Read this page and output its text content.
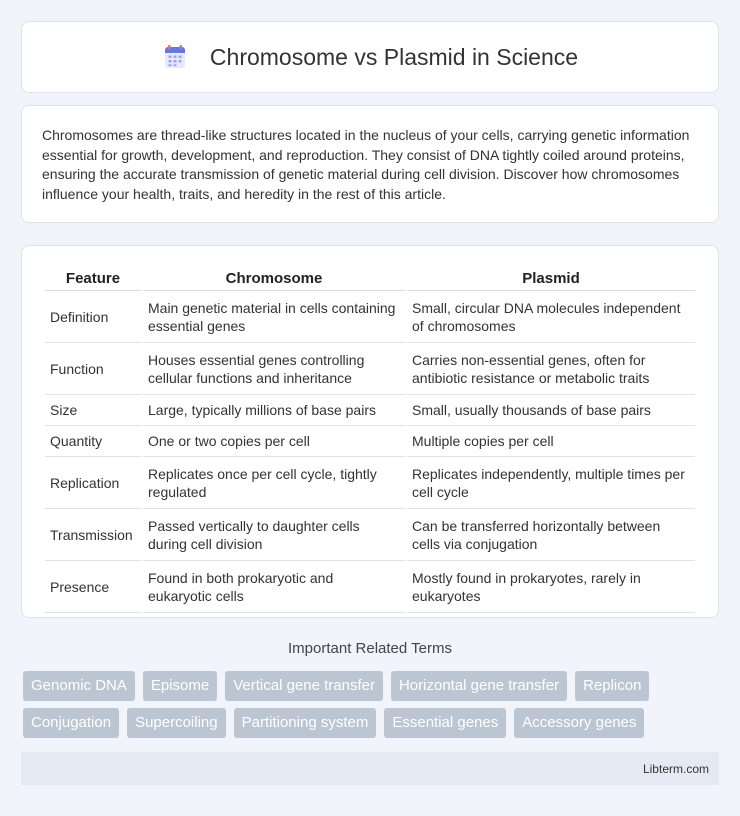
Chromosome vs Plasmid in Science

Chromosomes are thread-like structures located in the nucleus of your cells, carrying genetic information essential for growth, development, and reproduction. They consist of DNA tightly coiled around proteins, ensuring the accurate transmission of genetic material during cell division. Discover how chromosomes influence your health, traits, and heredity in the rest of this article.

Feature	Chromosome	Plasmid
Definition	Main genetic material in cells containing essential genes	Small, circular DNA molecules independent of chromosomes
Function	Houses essential genes controlling cellular functions and inheritance	Carries non-essential genes, often for antibiotic resistance or metabolic traits
Size	Large, typically millions of base pairs	Small, usually thousands of base pairs
Quantity	One or two copies per cell	Multiple copies per cell
Replication	Replicates once per cell cycle, tightly regulated	Replicates independently, multiple times per cell cycle
Transmission	Passed vertically to daughter cells during cell division	Can be transferred horizontally between cells via conjugation
Presence	Found in both prokaryotic and eukaryotic cells	Mostly found in prokaryotes, rarely in eukaryotes
Important Related Terms
Genomic DNA	Episome	Vertical gene transfer	Horizontal gene transfer	Replicon
Conjugation	Supercoiling	Partitioning system	Essential genes	Accessory genes
Libterm.com
